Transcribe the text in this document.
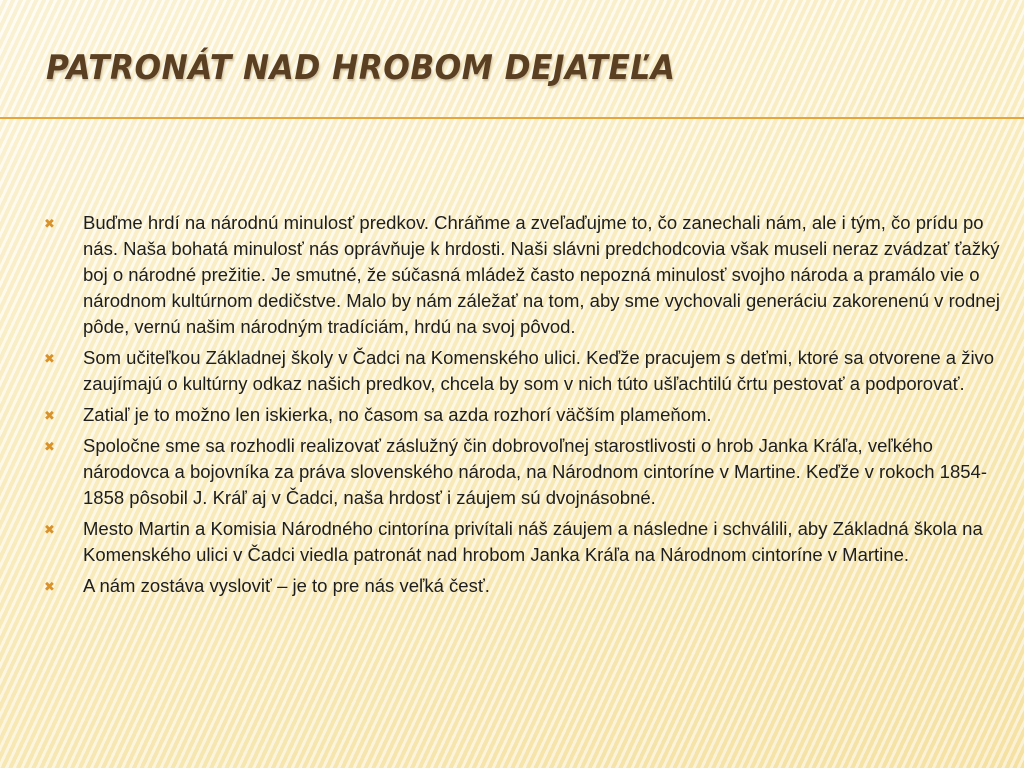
PATRONÁT NAD HROBOM DEJATEĽA
✖ Buďme hrdí na národnú minulosť predkov. Chráňme a zveľaďujme to, čo zanechali nám, ale i tým, čo prídu po nás. Naša bohatá minulosť nás oprávňuje k hrdosti. Naši slávni predchodcovia však museli neraz zvádzať ťažký boj o národné prežitie. Je smutné, že súčasná mládež často nepozná minulosť svojho národa a pramálo vie o národnom kultúrnom dedičstve. Malo by nám záležať na tom, aby sme vychovali generáciu zakorenenú v rodnej pôde, vernú našim národným tradíciám, hrdú na svoj pôvod.
✖ Som učiteľkou Základnej školy v Čadci na Komenského ulici. Keďže pracujem s deťmi, ktoré sa otvorene a živo zaujímajú o kultúrny odkaz našich predkov, chcela by som v nich túto ušľachtilú črtu pestovať a podporovať.
✖ Zatiaľ je to možno len iskierka, no časom sa azda rozhorí väčším plameňom.
✖ Spoločne sme sa rozhodli realizovať záslužný čin dobrovoľnej starostlivosti o hrob Janka Kráľa, veľkého národovca a bojovníka za práva slovenského národa, na Národnom cintoríne v Martine. Keďže v rokoch 1854-1858 pôsobil J. Kráľ aj v Čadci, naša hrdosť i záujem sú dvojnásobné.
✖ Mesto Martin a Komisia Národného cintorína privítali náš záujem a následne i schválili, aby Základná škola na Komenského ulici v Čadci viedla patronát nad hrobom Janka Kráľa na Národnom cintoríne v Martine.
✖ A nám zostáva vysloviť – je to pre nás veľká česť.
